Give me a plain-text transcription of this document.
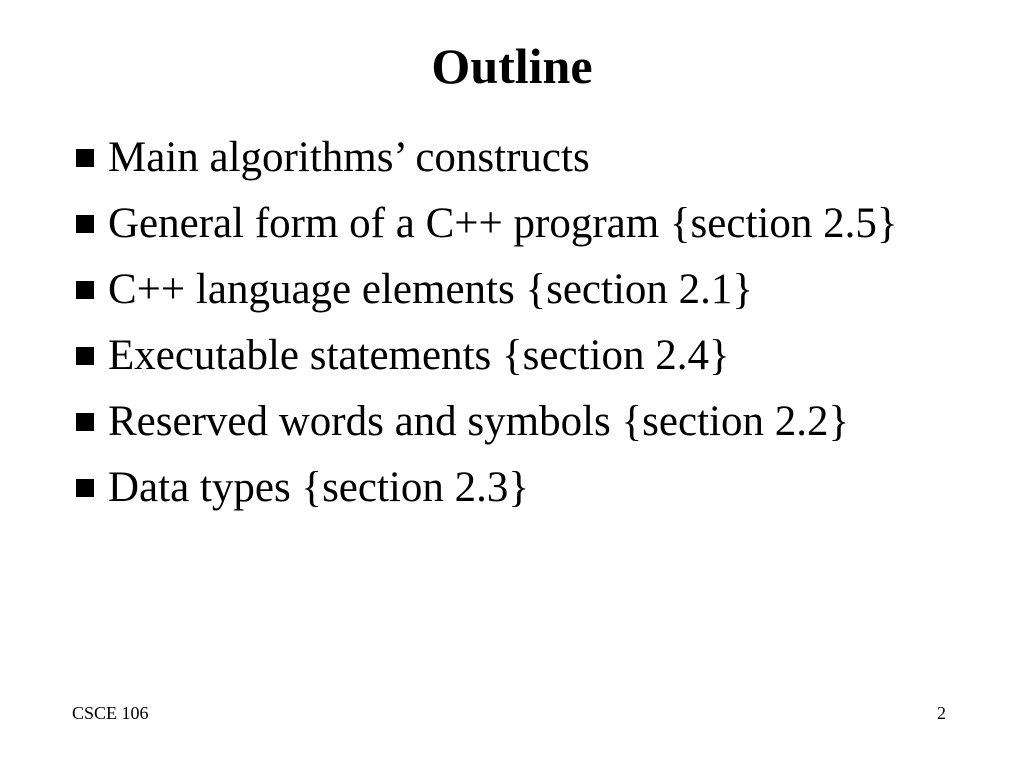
Outline
Main algorithms’ constructs
General form of a C++ program {section 2.5}
C++ language elements {section 2.1}
Executable statements {section 2.4}
Reserved words and symbols {section 2.2}
Data types {section 2.3}
CSCE 106	2
